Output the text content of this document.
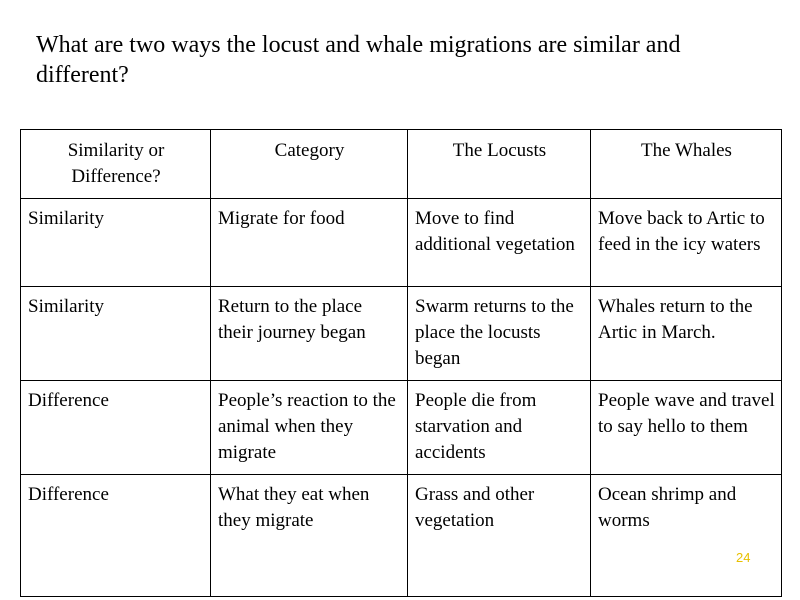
What are two ways the locust and whale migrations are similar and different?
Similarity or Difference?	Category	The Locusts	The Whales
Similarity	Migrate for food	Move to find additional vegetation	Move back to Artic to feed in the icy waters
Similarity	Return to the place their journey began	Swarm returns to the place the locusts began	Whales return to the Artic in March.
Difference	People’s reaction to the animal when they migrate	People die from starvation and accidents	People wave and travel to say hello to them
Difference	What they eat when they migrate	Grass and other vegetation	Ocean shrimp and worms
24
